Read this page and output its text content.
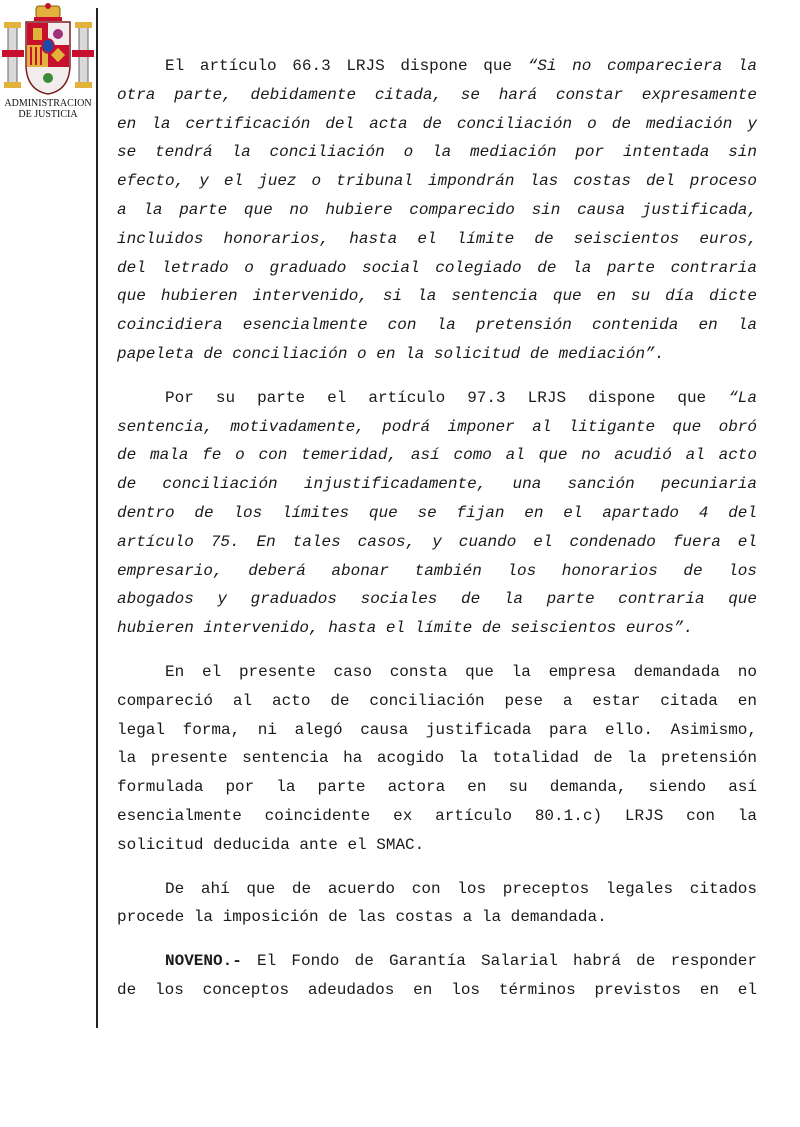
ADMINISTRACION
DE JUSTICIA

El artículo 66.3 LRJS dispone que “Si no compareciera la
otra parte, debidamente citada, se hará constar expresamente
en la certificación del acta de conciliación o de mediación y
se tendrá la conciliación o la mediación por intentada sin
efecto, y el juez o tribunal impondrán las costas del proceso
a la parte que no hubiere comparecido sin causa justificada,
incluidos honorarios, hasta el límite de seiscientos euros,
del letrado o graduado social colegiado de la parte contraria
que hubieren intervenido, si la sentencia que en su día dicte
coincidiera esencialmente con la pretensión contenida en la
papeleta de conciliación o en la solicitud de mediación”.

Por su parte el artículo 97.3 LRJS dispone que “La
sentencia, motivadamente, podrá imponer al litigante que obró
de mala fe o con temeridad, así como al que no acudió al acto
de conciliación injustificadamente, una sanción pecuniaria
dentro de los límites que se fijan en el apartado 4 del
artículo 75. En tales casos, y cuando el condenado fuera el
empresario, deberá abonar también los honorarios de los
abogados y graduados sociales de la parte contraria que
hubieren intervenido, hasta el límite de seiscientos euros”.

En el presente caso consta que la empresa demandada no
compareció al acto de conciliación pese a estar citada en
legal forma, ni alegó causa justificada para ello. Asimismo,
la presente sentencia ha acogido la totalidad de la pretensión
formulada por la parte actora en su demanda, siendo así
esencialmente coincidente ex artículo 80.1.c) LRJS con la
solicitud deducida ante el SMAC.

De ahí que de acuerdo con los preceptos legales citados
procede la imposición de las costas a la demandada.

NOVENO.- El Fondo de Garantía Salarial habrá de responder
de los conceptos adeudados en los términos previstos en el
